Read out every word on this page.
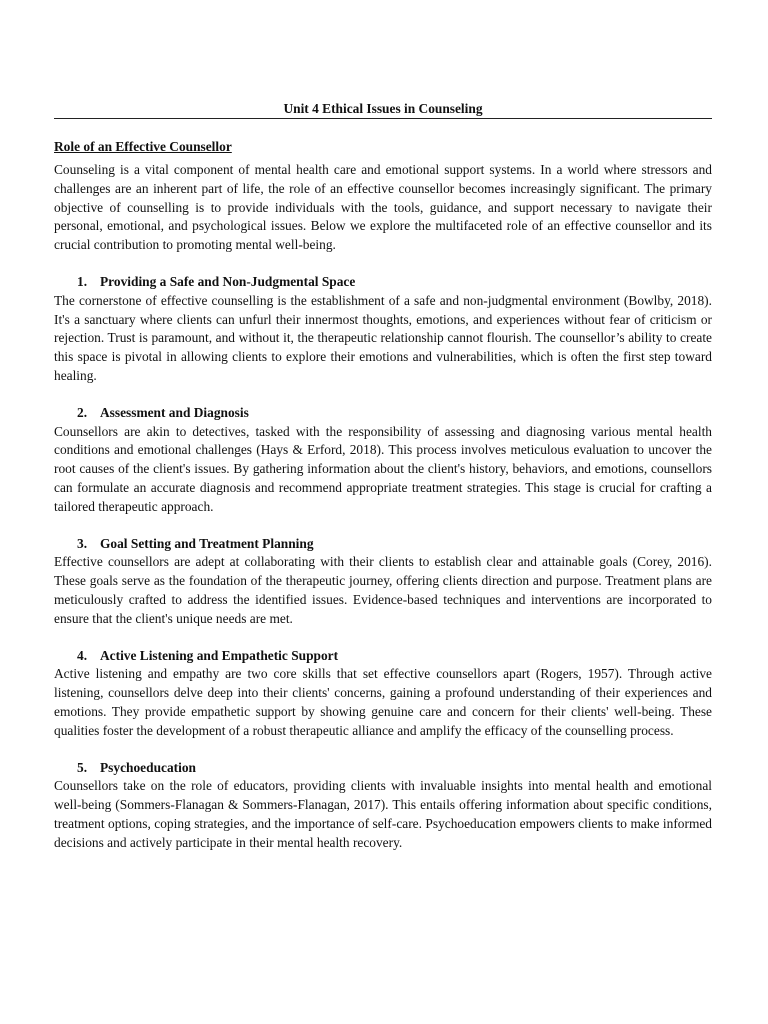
Unit 4 Ethical Issues in Counseling
Role of an Effective Counsellor

Counseling is a vital component of mental health care and emotional support systems. In a world where stressors and challenges are an inherent part of life, the role of an effective counsellor becomes increasingly significant. The primary objective of counselling is to provide individuals with the tools, guidance, and support necessary to navigate their personal, emotional, and psychological issues. Below we explore the multifaceted role of an effective counsellor and its crucial contribution to promoting mental well-being.

1. Providing a Safe and Non-Judgmental Space

The cornerstone of effective counselling is the establishment of a safe and non-judgmental environment (Bowlby, 2018). It's a sanctuary where clients can unfurl their innermost thoughts, emotions, and experiences without fear of criticism or rejection. Trust is paramount, and without it, the therapeutic relationship cannot flourish. The counsellor’s ability to create this space is pivotal in allowing clients to explore their emotions and vulnerabilities, which is often the first step toward healing.

2. Assessment and Diagnosis

Counsellors are akin to detectives, tasked with the responsibility of assessing and diagnosing various mental health conditions and emotional challenges (Hays & Erford, 2018). This process involves meticulous evaluation to uncover the root causes of the client's issues. By gathering information about the client's history, behaviors, and emotions, counsellors can formulate an accurate diagnosis and recommend appropriate treatment strategies. This stage is crucial for crafting a tailored therapeutic approach.

3. Goal Setting and Treatment Planning

Effective counsellors are adept at collaborating with their clients to establish clear and attainable goals (Corey, 2016). These goals serve as the foundation of the therapeutic journey, offering clients direction and purpose. Treatment plans are meticulously crafted to address the identified issues. Evidence-based techniques and interventions are incorporated to ensure that the client's unique needs are met.

4. Active Listening and Empathetic Support

Active listening and empathy are two core skills that set effective counsellors apart (Rogers, 1957). Through active listening, counsellors delve deep into their clients' concerns, gaining a profound understanding of their experiences and emotions. They provide empathetic support by showing genuine care and concern for their clients' well-being. These qualities foster the development of a robust therapeutic alliance and amplify the efficacy of the counselling process.

5. Psychoeducation

Counsellors take on the role of educators, providing clients with invaluable insights into mental health and emotional well-being (Sommers-Flanagan & Sommers-Flanagan, 2017). This entails offering information about specific conditions, treatment options, coping strategies, and the importance of self-care. Psychoeducation empowers clients to make informed decisions and actively participate in their mental health recovery.
